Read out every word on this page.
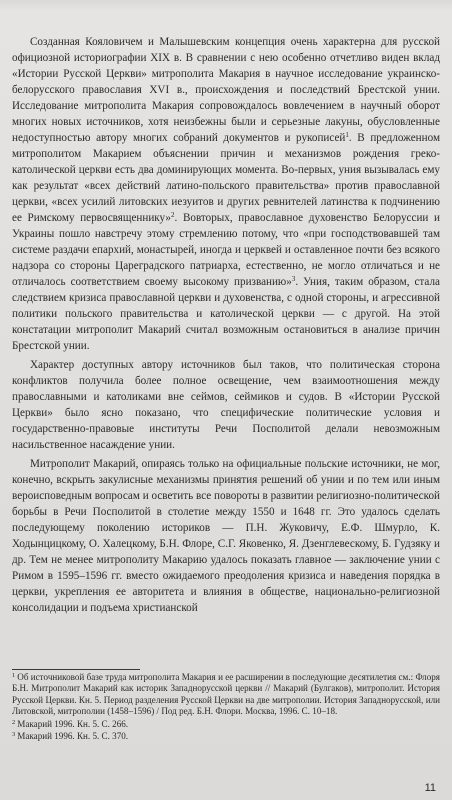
Созданная Кояловичем и Малышевским концепция очень характерна для русской официозной историографии XIX в. В сравнении с нею особенно отчетливо виден вклад «Истории Русской Церкви» митрополита Макария в научное исследование украинско-белорусского православия XVI в., происхождения и последствий Брестской унии. Исследование митрополита Макария сопровождалось вовлечением в научный оборот многих новых источников, хотя неизбежны были и серьезные лакуны, обусловленные недоступностью автору многих собраний документов и рукописей$^1$. В предложенном митрополитом Макарием объяснении причин и механизмов рождения греко-католической церкви есть два доминирующих момента. Во-первых, уния вызывалась ему как результат «всех действий латино-польского правительства» против православной церкви, «всех усилий литовских иезуитов и других ревнителей латинства к подчинению ее Римскому первосвященнику»$^2$. Вовторых, православное духовенство Белоруссии и Украины пошло навстречу этому стремлению потому, что «при господствовавшей там системе раздачи епархий, монастырей, иногда и церквей и оставленное почти без всякого надзора со стороны Цареградского патриарха, естественно, не могло отличаться и не отличалось соответствием своему высокому призванию»$^3$. Уния, таким образом, стала следствием кризиса православной церкви и духовенства, с одной стороны, и агрессивной политики польского правительства и католической церкви — с другой. На этой констатации митрополит Макарий считал возможным остановиться в анализе причин Брестской унии.

Характер доступных автору источников был таков, что политическая сторона конфликтов получила более полное освещение, чем взаимоотношения между православными и католиками вне сеймов, сеймиков и судов. В «Истории Русской Церкви» было ясно показано, что специфические политические условия и государственно-правовые институты Речи Посполитой делали невозможным насильственное насаждение унии.

Митрополит Макарий, опираясь только на официальные польские источники, не мог, конечно, вскрыть закулисные механизмы принятия решений об унии и по тем или иным вероисповедным вопросам и осветить все повороты в развитии религиозно-политической борьбы в Речи Посполитой в столетие между 1550 и 1648 гг. Это удалось сделать последующему поколению историков — П.Н. Жуковичу, Е.Ф. Шмурло, К. Ходынцицкому, О. Халецкому, Б.Н. Флоре, С.Г. Яковенко, Я. Дзенглевескому, Б. Гудзяку и др. Тем не менее митрополиту Макарию удалось показать главное — заключение унии с Римом в 1595–1596 гг. вместо ожидаемого преодоления кризиса и наведения порядка в церкви, укрепления ее авторитета и влияния в обществе, национально-религиозной консолидации и подъема христианской

$^1$ Об источниковой базе труда митрополита Макария и ее расширении в последующие десятилетия см.: Флоря Б.Н. Митрополит Макарий как историк Западнорусской церкви // Макарий (Булгаков), митрополит. История Русской Церкви. Кн. 5. Период разделения Русской Церкви на две митрополии. История Западнорусской, или Литовской, митрополии (1458–1596) / Под ред. Б.Н. Флори. Москва, 1996. С. 10–18.

$^2$ Макарий 1996. Кн. 5. С. 266.

$^3$ Макарий 1996. Кн. 5. С. 370.

11
